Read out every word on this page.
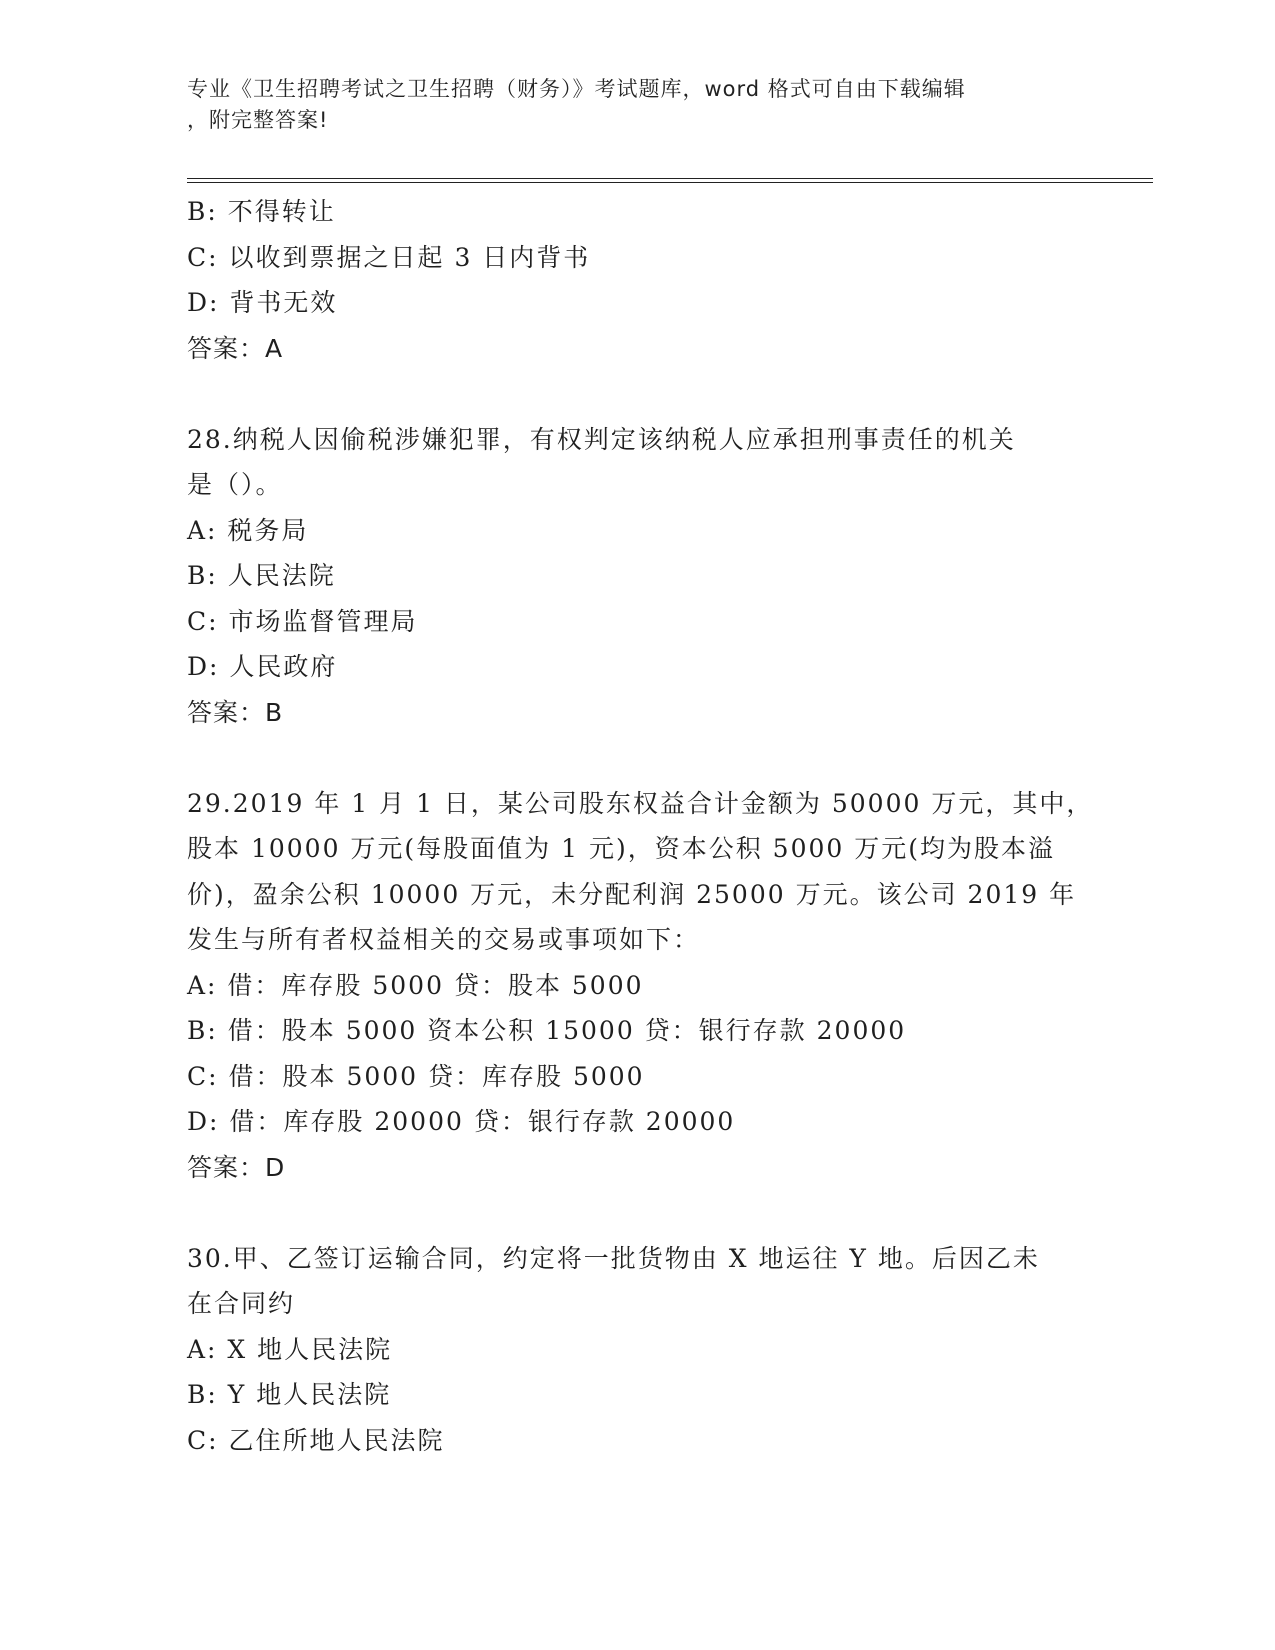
专业《卫生招聘考试之卫生招聘（财务）》考试题库，word 格式可自由下载编辑
，附完整答案!
B: 不得转让
C: 以收到票据之日起 3 日内背书
D: 背书无效
答案：A
28.纳税人因偷税涉嫌犯罪，有权判定该纳税人应承担刑事责任的机关
是（）。
A: 税务局
B: 人民法院
C: 市场监督管理局
D: 人民政府
答案：B
29.2019 年 1 月 1 日，某公司股东权益合计金额为 50000 万元，其中，
股本 10000 万元(每股面值为 1 元)，资本公积 5000 万元(均为股本溢
价)，盈余公积 10000 万元，未分配利润 25000 万元。该公司 2019 年
发生与所有者权益相关的交易或事项如下：
A: 借：库存股 5000 贷：股本 5000
B: 借：股本 5000 资本公积 15000 贷：银行存款 20000
C: 借：股本 5000 贷：库存股 5000
D: 借：库存股 20000 贷：银行存款 20000
答案：D
30.甲、乙签订运输合同，约定将一批货物由 X 地运往 Y 地。后因乙未
在合同约
A: X 地人民法院
B: Y 地人民法院
C: 乙住所地人民法院
